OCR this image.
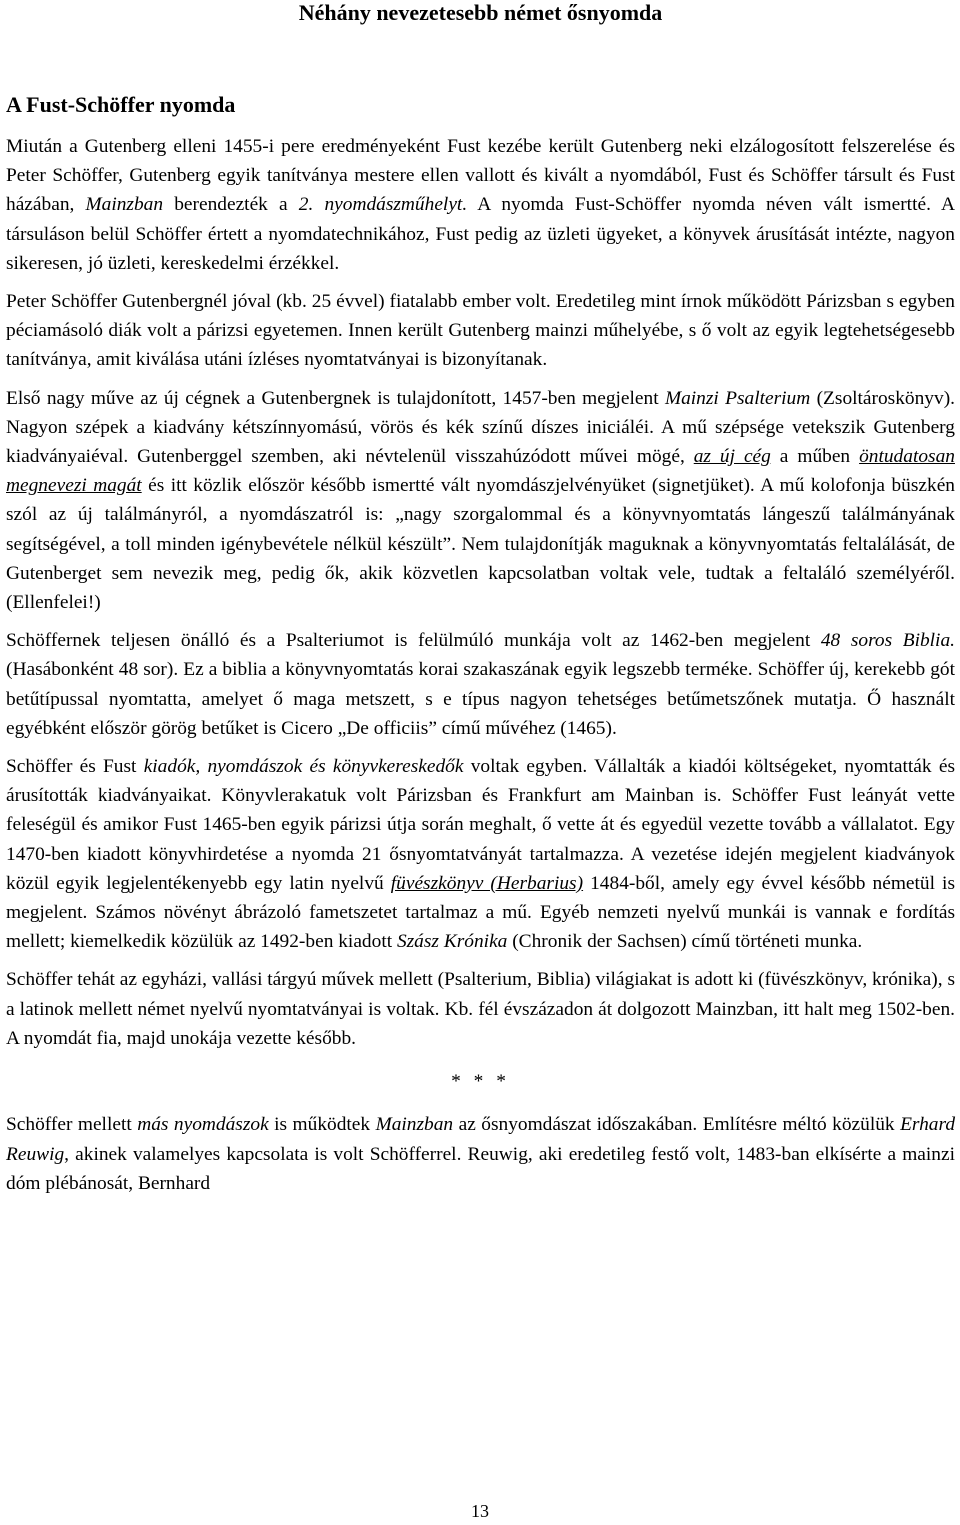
Néhány nevezetesebb német ősnyomda
A Fust-Schöffer nyomda

Miután a Gutenberg elleni 1455-i pere eredményeként Fust kezébe került Gutenberg neki elzálogosított felszerelése és Peter Schöffer, Gutenberg egyik tanítványa mestere ellen vallott és kivált a nyomdából, Fust és Schöffer társult és Fust házában, Mainzban berendezték a 2. nyomdászműhelyt. A nyomda Fust-Schöffer nyomda néven vált ismertté. A társuláson belül Schöffer értett a nyomdatechnikához, Fust pedig az üzleti ügyeket, a könyvek árusítását intézte, nagyon sikeresen, jó üzleti, kereskedelmi érzékkel.

Peter Schöffer Gutenbergnél jóval (kb. 25 évvel) fiatalabb ember volt. Eredetileg mint írnok működött Párizsban s egyben péciamásoló diák volt a párizsi egyetemen. Innen került Gutenberg mainzi műhelyébe, s ő volt az egyik legtehetségesebb tanítványa, amit kiválása utáni ízléses nyomtatványai is bizonyítanak.

Első nagy műve az új cégnek a Gutenbergnek is tulajdonított, 1457-ben megjelent Mainzi Psalterium (Zsoltároskönyv). Nagyon szépek a kiadvány kétszínnyomású, vörös és kék színű díszes iniciáléi. A mű szépsége vetekszik Gutenberg kiadványaiéval. Gutenberggel szemben, aki névtelenül visszahúzódott művei mögé, az új cég a műben öntudatosan megnevezi magát és itt közlik először később ismertté vált nyomdászjelvényüket (signetjüket). A mű kolofonja büszkén szól az új találmányról, a nyomdászatról is: „nagy szorgalommal és a könyvnyomtatás lángeszű találmányának segítségével, a toll minden igénybevétele nélkül készült”. Nem tulajdonítják maguknak a könyvnyomtatás feltalálását, de Gutenberget sem nevezik meg, pedig ők, akik közvetlen kapcsolatban voltak vele, tudtak a feltaláló személyéről. (Ellenfelei!)

Schöffernek teljesen önálló és a Psalteriumot is felülmúló munkája volt az 1462-ben megjelent 48 soros Biblia. (Hasábonként 48 sor). Ez a biblia a könyvnyomtatás korai szakaszának egyik legszebb terméke. Schöffer új, kerekebb gót betűtípussal nyomtatta, amelyet ő maga metszett, s e típus nagyon tehetséges betűmetszőnek mutatja. Ő használt egyébként először görög betűket is Cicero „De officiis” című művéhez (1465).

Schöffer és Fust kiadók, nyomdászok és könyvkereskedők voltak egyben. Vállalták a kiadói költségeket, nyomtatták és árusították kiadványaikat. Könyvlerakatuk volt Párizsban és Frankfurt am Mainban is. Schöffer Fust leányát vette feleségül és amikor Fust 1465-ben egyik párizsi útja során meghalt, ő vette át és egyedül vezette tovább a vállalatot. Egy 1470-ben kiadott könyvhirdetése a nyomda 21 ősnyomtatványát tartalmazza. A vezetése idején megjelent kiadványok közül egyik legjelentékenyebb egy latin nyelvű füvészkönyv (Herbarius) 1484-ből, amely egy évvel később németül is megjelent. Számos növényt ábrázoló fametszetet tartalmaz a mű. Egyéb nemzeti nyelvű munkái is vannak e fordítás mellett; kiemelkedik közülük az 1492-ben kiadott Szász Krónika (Chronik der Sachsen) című történeti munka.

Schöffer tehát az egyházi, vallási tárgyú művek mellett (Psalterium, Biblia) világiakat is adott ki (füvészkönyv, krónika), s a latinok mellett német nyelvű nyomtatványai is voltak. Kb. fél évszázadon át dolgozott Mainzban, itt halt meg 1502-ben. A nyomdát fia, majd unokája vezette később.

* * *

Schöffer mellett más nyomdászok is működtek Mainzban az ősnyomdászat időszakában. Említésre méltó közülük Erhard Reuwig, akinek valamelyes kapcsolata is volt Schöfferrel. Reuwig, aki eredetileg festő volt, 1483-ban elkísérte a mainzi dóm plébánosát, Bernhard

13
